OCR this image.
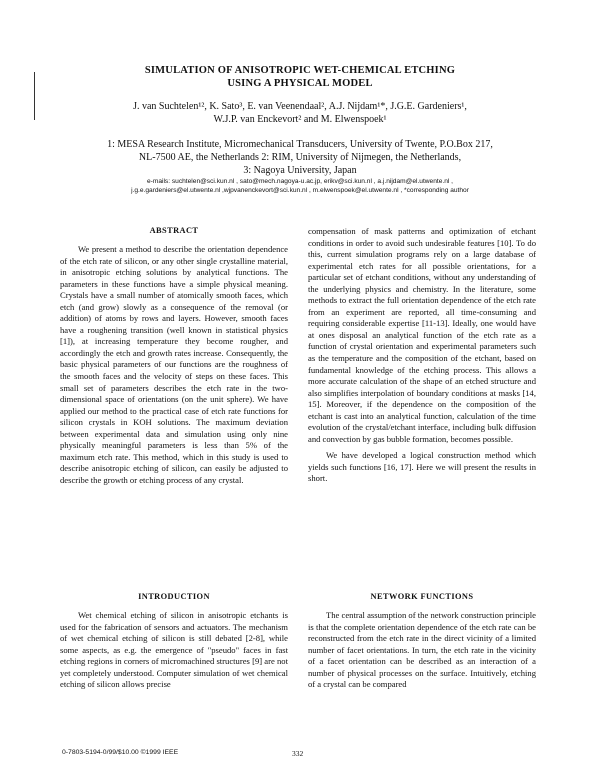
SIMULATION OF ANISOTROPIC WET-CHEMICAL ETCHING
USING A PHYSICAL MODEL
J. van Suchtelen¹², K. Sato³, E. van Veenendaal², A.J. Nijdam¹*, J.G.E. Gardeniers¹,
W.J.P. van Enckevort² and M. Elwenspoek¹
1: MESA Research Institute, Micromechanical Transducers, University of Twente, P.O.Box 217,
NL-7500 AE, the Netherlands 2: RIM, University of Nijmegen, the Netherlands,
3: Nagoya University, Japan
e-mails: suchtelen@sci.kun.nl , sato@mech.nagoya-u.ac.jp, erikv@sci.kun.nl , a.j.nijdam@el.utwente.nl ,
j.g.e.gardeniers@el.utwente.nl ,wjpvanenckevort@sci.kun.nl , m.elwenspoek@el.utwente.nl , *corresponding author
ABSTRACT

We present a method to describe the orientation dependence of the etch rate of silicon, or any other single crystalline material, in anisotropic etching solutions by analytical functions. The parameters in these functions have a simple physical meaning. Crystals have a small number of atomically smooth faces, which etch (and grow) slowly as a consequence of the removal (or addition) of atoms by rows and layers. However, smooth faces have a roughening transition (well known in statistical physics [1]), at increasing temperature they become rougher, and accordingly the etch and growth rates increase. Consequently, the basic physical parameters of our functions are the roughness of the smooth faces and the velocity of steps on these faces. This small set of parameters describes the etch rate in the two-dimensional space of orientations (on the unit sphere). We have applied our method to the practical case of etch rate functions for silicon crystals in KOH solutions. The maximum deviation between experimental data and simulation using only nine physically meaningful parameters is less than 5% of the maximum etch rate. This method, which in this study is used to describe anisotropic etching of silicon, can easily be adjusted to describe the growth or etching process of any crystal.

INTRODUCTION

Wet chemical etching of silicon in anisotropic etchants is used for the fabrication of sensors and actuators. The mechanism of wet chemical etching of silicon is still debated [2-8], while some aspects, as e.g. the emergence of "pseudo" faces in fast etching regions in corners of micromachined structures [9] are not yet completely understood. Computer simulation of wet chemical etching of silicon allows precise

compensation of mask patterns and optimization of etchant conditions in order to avoid such undesirable features [10]. To do this, current simulation programs rely on a large database of experimental etch rates for all possible orientations, for a particular set of etchant conditions, without any understanding of the underlying physics and chemistry. In the literature, some methods to extract the full orientation dependence of the etch rate from an experiment are reported, all time-consuming and requiring considerable expertise [11-13]. Ideally, one would have at ones disposal an analytical function of the etch rate as a function of crystal orientation and experimental parameters such as the temperature and the composition of the etchant, based on fundamental knowledge of the etching process. This allows a more accurate calculation of the shape of an etched structure and also simplifies interpolation of boundary conditions at masks [14, 15]. Moreover, if the dependence on the composition of the etchant is cast into an analytical function, calculation of the time evolution of the crystal/etchant interface, including bulk diffusion and convection by gas bubble formation, becomes possible.

We have developed a logical construction method which yields such functions [16, 17]. Here we will present the results in short.

NETWORK FUNCTIONS

The central assumption of the network construction principle is that the complete orientation dependence of the etch rate can be reconstructed from the etch rate in the direct vicinity of a limited number of facet orientations. In turn, the etch rate in the vicinity of a facet orientation can be described as an interaction of a number of physical processes on the surface. Intuitively, etching of a crystal can be compared

0-7803-5194-0/99/$10.00 ©1999 IEEE	332
